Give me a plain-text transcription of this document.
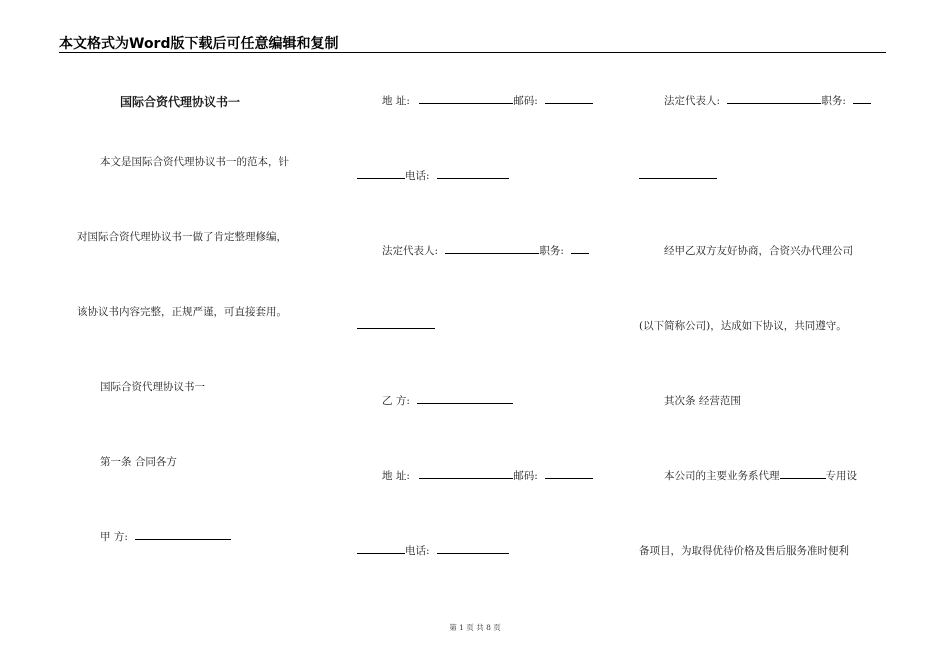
本文格式为Word版下载后可任意编辑和复制
国际合资代理协议书一
本文是国际合资代理协议书一的范本，针
对国际合资代理协议书一做了肯定整理修编，
该协议书内容完整，正规严谨，可直接套用。
国际合资代理协议书一
第一条 合同各方
甲 方:
地 址:	邮码:
电话:
法定代表人:	职务:
乙 方:
地 址:	邮码:
电话:
法定代表人:	职务:
经甲乙双方友好协商，合资兴办代理公司
(以下简称公司)，达成如下协议，共同遵守。
其次条 经营范围
本公司的主要业务系代理	专用设
备项目，为取得优待价格及售后服务准时便利
第 1 页 共 8 页
